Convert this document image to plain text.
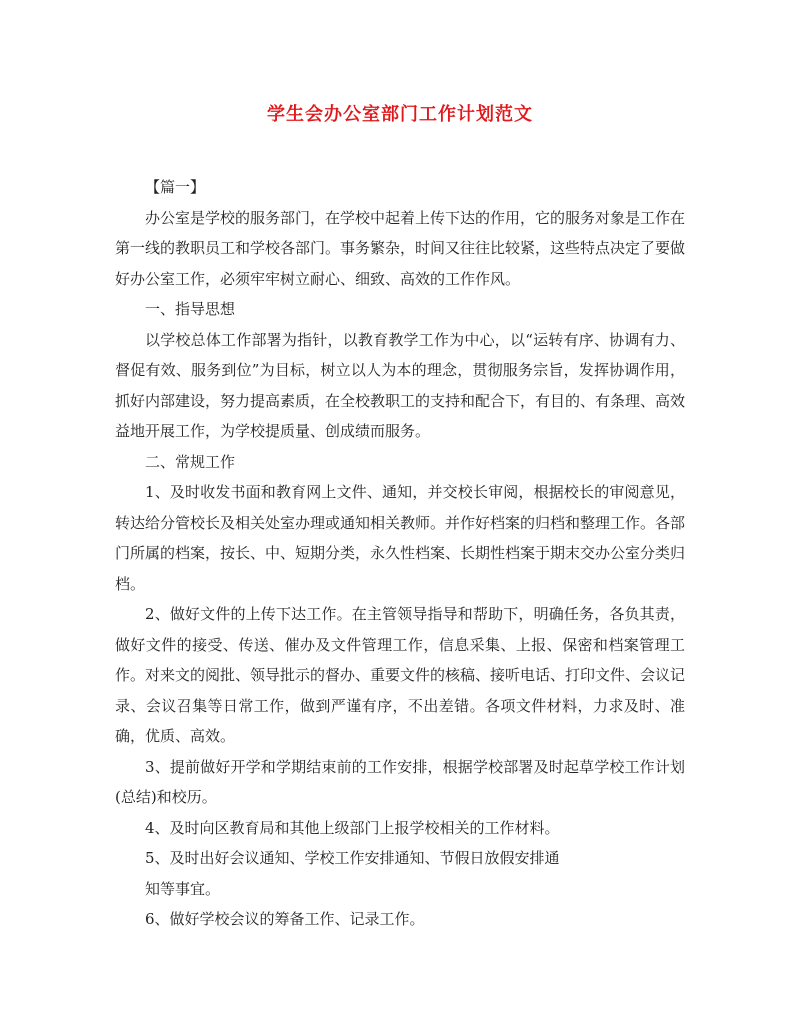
学生会办公室部门工作计划范文

【篇一】

办公室是学校的服务部门，在学校中起着上传下达的作用，它的服务对象是工作在第一线的教职员工和学校各部门。事务繁杂，时间又往往比较紧，这些特点决定了要做好办公室工作，必须牢牢树立耐心、细致、高效的工作作风。

一、指导思想

以学校总体工作部署为指针，以教育教学工作为中心，以“运转有序、协调有力、督促有效、服务到位”为目标，树立以人为本的理念，贯彻服务宗旨，发挥协调作用，抓好内部建设，努力提高素质，在全校教职工的支持和配合下，有目的、有条理、高效益地开展工作，为学校提质量、创成绩而服务。

二、常规工作

1、及时收发书面和教育网上文件、通知，并交校长审阅，根据校长的审阅意见，转达给分管校长及相关处室办理或通知相关教师。并作好档案的归档和整理工作。各部门所属的档案，按长、中、短期分类，永久性档案、长期性档案于期末交办公室分类归档。

2、做好文件的上传下达工作。在主管领导指导和帮助下，明确任务，各负其责，做好文件的接受、传送、催办及文件管理工作，信息采集、上报、保密和档案管理工作。对来文的阅批、领导批示的督办、重要文件的核稿、接听电话、打印文件、会议记录、会议召集等日常工作，做到严谨有序，不出差错。各项文件材料，力求及时、准确，优质、高效。

3、提前做好开学和学期结束前的工作安排，根据学校部署及时起草学校工作计划(总结)和校历。

4、及时向区教育局和其他上级部门上报学校相关的工作材料。

5、及时出好会议通知、学校工作安排通知、节假日放假安排通

知等事宜。

6、做好学校会议的筹备工作、记录工作。
